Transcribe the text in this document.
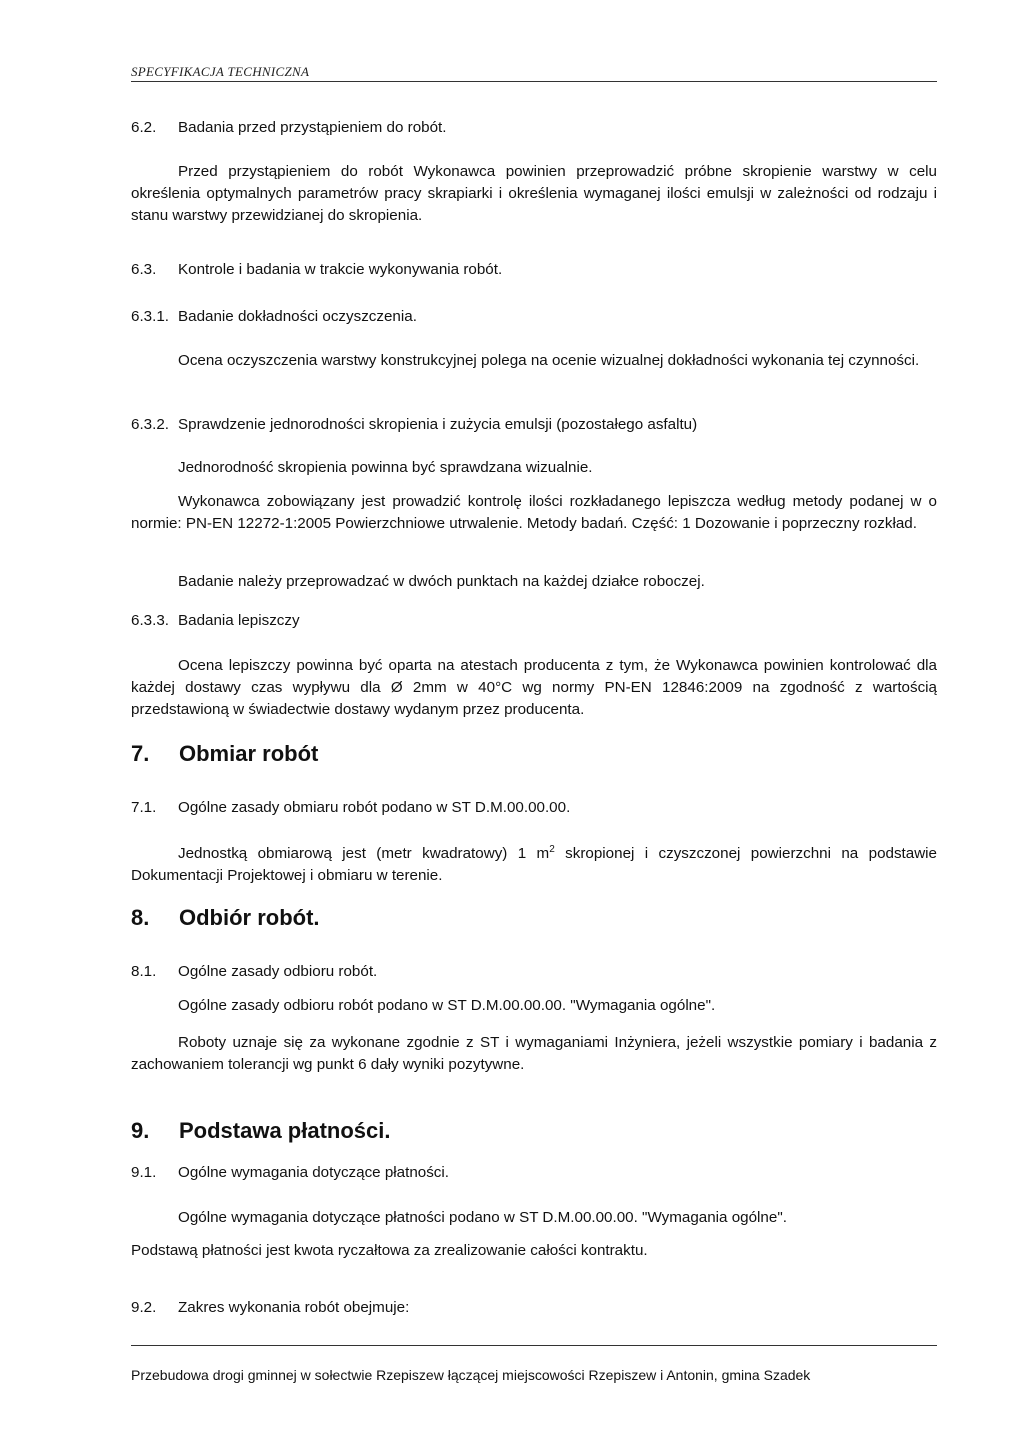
SPECYFIKACJA TECHNICZNA
6.2. Badania przed przystąpieniem do robót.
Przed przystąpieniem do robót Wykonawca powinien przeprowadzić próbne skropienie warstwy w celu określenia optymalnych parametrów pracy skrapiarki i określenia wymaganej ilości emulsji w zależności od rodzaju i stanu warstwy przewidzianej do skropienia.
6.3. Kontrole i badania w trakcie wykonywania robót.
6.3.1. Badanie dokładności oczyszczenia.
Ocena oczyszczenia warstwy konstrukcyjnej polega na ocenie wizualnej dokładności wykonania tej czynności.
6.3.2. Sprawdzenie jednorodności skropienia i zużycia emulsji (pozostałego asfaltu)
Jednorodność skropienia powinna być sprawdzana wizualnie.
Wykonawca zobowiązany jest prowadzić kontrolę ilości rozkładanego lepiszcza według metody podanej w o normie: PN-EN 12272-1:2005 Powierzchniowe utrwalenie. Metody badań. Część: 1 Dozowanie i poprzeczny rozkład.
Badanie należy przeprowadzać w dwóch punktach na każdej działce roboczej.
6.3.3. Badania lepiszczy
Ocena lepiszczy powinna być oparta na atestach producenta z tym, że Wykonawca powinien kontrolować dla każdej dostawy czas wypływu dla Ø 2mm w 40°C wg normy PN-EN 12846:2009 na zgodność z wartością przedstawioną w świadectwie dostawy wydanym przez producenta.
7. Obmiar robót
7.1. Ogólne zasady obmiaru robót podano w ST D.M.00.00.00.
Jednostką obmiarową jest (metr kwadratowy) 1 $m^2$ skropionej i czyszczonej powierzchni na podstawie Dokumentacji Projektowej i obmiaru w terenie.
8. Odbiór robót.
8.1. Ogólne zasady odbioru robót.
Ogólne zasady odbioru robót podano w ST D.M.00.00.00. "Wymagania ogólne".
Roboty uznaje się za wykonane zgodnie z ST i wymaganiami Inżyniera, jeżeli wszystkie pomiary i badania z zachowaniem tolerancji wg punkt 6 dały wyniki pozytywne.
9. Podstawa płatności.
9.1. Ogólne wymagania dotyczące płatności.
Ogólne wymagania dotyczące płatności podano w ST D.M.00.00.00. "Wymagania ogólne".
Podstawą płatności jest kwota ryczałtowa za zrealizowanie całości kontraktu.
9.2. Zakres wykonania robót obejmuje:
Przebudowa drogi gminnej w sołectwie Rzepiszew łączącej miejscowości Rzepiszew i Antonin, gmina Szadek
